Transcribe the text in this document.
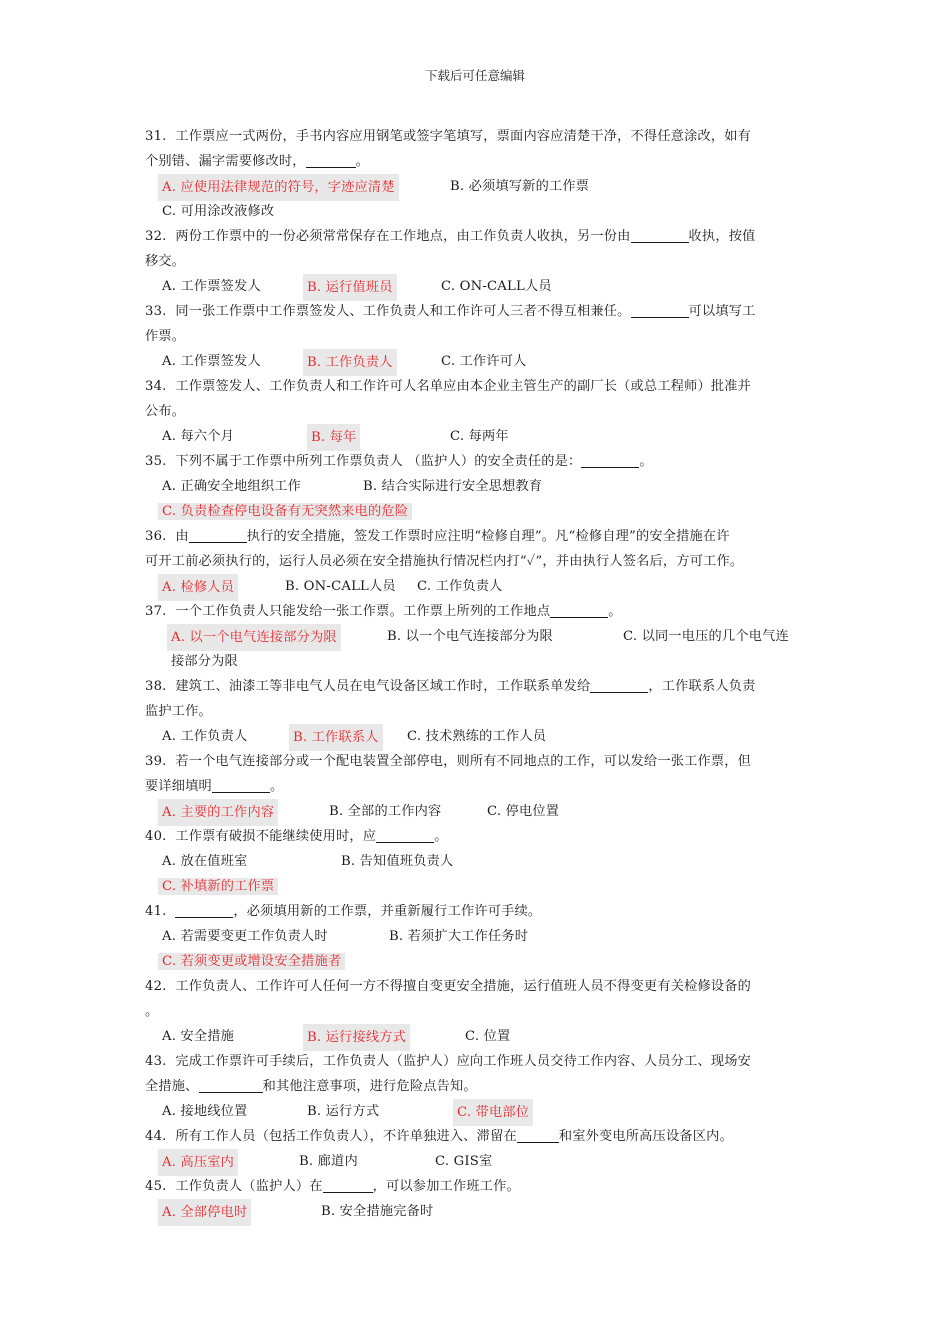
下载后可任意编辑
31. 工作票应一式两份，手书内容应用钢笔或签字笔填写，票面内容应清楚干净，不得任意涂改，如有
个别错、漏字需要修改时，	。
A. 应使用法律规范的符号，字迹应清楚	B. 必须填写新的工作票
C. 可用涂改液修改
32. 两份工作票中的一份必须常常保存在工作地点，由工作负责人收执，另一份由	收执，按值
移交。
A. 工作票签发人	B. 运行值班员	C. ON-CALL人员
33. 同一张工作票中工作票签发人、工作负责人和工作许可人三者不得互相兼任。	可以填写工
作票。
A. 工作票签发人	B. 工作负责人	C. 工作许可人
34. 工作票签发人、工作负责人和工作许可人名单应由本企业主管生产的副厂长（或总工程师）批准并
公布。
A. 每六个月	B. 每年	C. 每两年
35. 下列不属于工作票中所列工作票负责人 （监护人）的安全责任的是：	。
A. 正确安全地组织工作	B. 结合实际进行安全思想教育
C. 负责检查停电设备有无突然来电的危险
36. 由	执行的安全措施，签发工作票时应注明“检修自理”。凡“检修自理”的安全措施在许
可开工前必须执行的，运行人员必须在安全措施执行情况栏内打“✓”，并由执行人签名后，方可工作。
A. 检修人员	B. ON-CALL人员 C. 工作负责人
37. 一个工作负责人只能发给一张工作票。工作票上所列的工作地点	。
A. 以一个电气连接部分为限	B. 以一个电气连接部分为限	C. 以同一电压的几个电气连
接部分为限
38. 建筑工、油漆工等非电气人员在电气设备区域工作时，工作联系单发给	，工作联系人负责
监护工作。
A. 工作负责人	B. 工作联系人	C. 技术熟练的工作人员
39. 若一个电气连接部分或一个配电装置全部停电，则所有不同地点的工作，可以发给一张工作票，但
要详细填明	。
A. 主要的工作内容	B. 全部的工作内容	C. 停电位置
40. 工作票有破损不能继续使用时，应	。
A. 放在值班室	B. 告知值班负责人
C. 补填新的工作票
41.	，必须填用新的工作票，并重新履行工作许可手续。
A. 若需要变更工作负责人时	B. 若须扩大工作任务时
C. 若须变更或增设安全措施者
42. 工作负责人、工作许可人任何一方不得擅自变更安全措施，运行值班人员不得变更有关检修设备的
。
A. 安全措施	B. 运行接线方式	C. 位置
43. 完成工作票许可手续后，工作负责人（监护人）应向工作班人员交待工作内容、人员分工、现场安
全措施、	和其他注意事项，进行危险点告知。
A. 接地线位置	B. 运行方式	C. 带电部位
44. 所有工作人员（包括工作负责人），不许单独进入、滞留在	和室外变电所高压设备区内。
A. 高压室内	B. 廊道内	C. GIS室
45. 工作负责人（监护人）在	，可以参加工作班工作。
A. 全部停电时	B. 安全措施完备时
